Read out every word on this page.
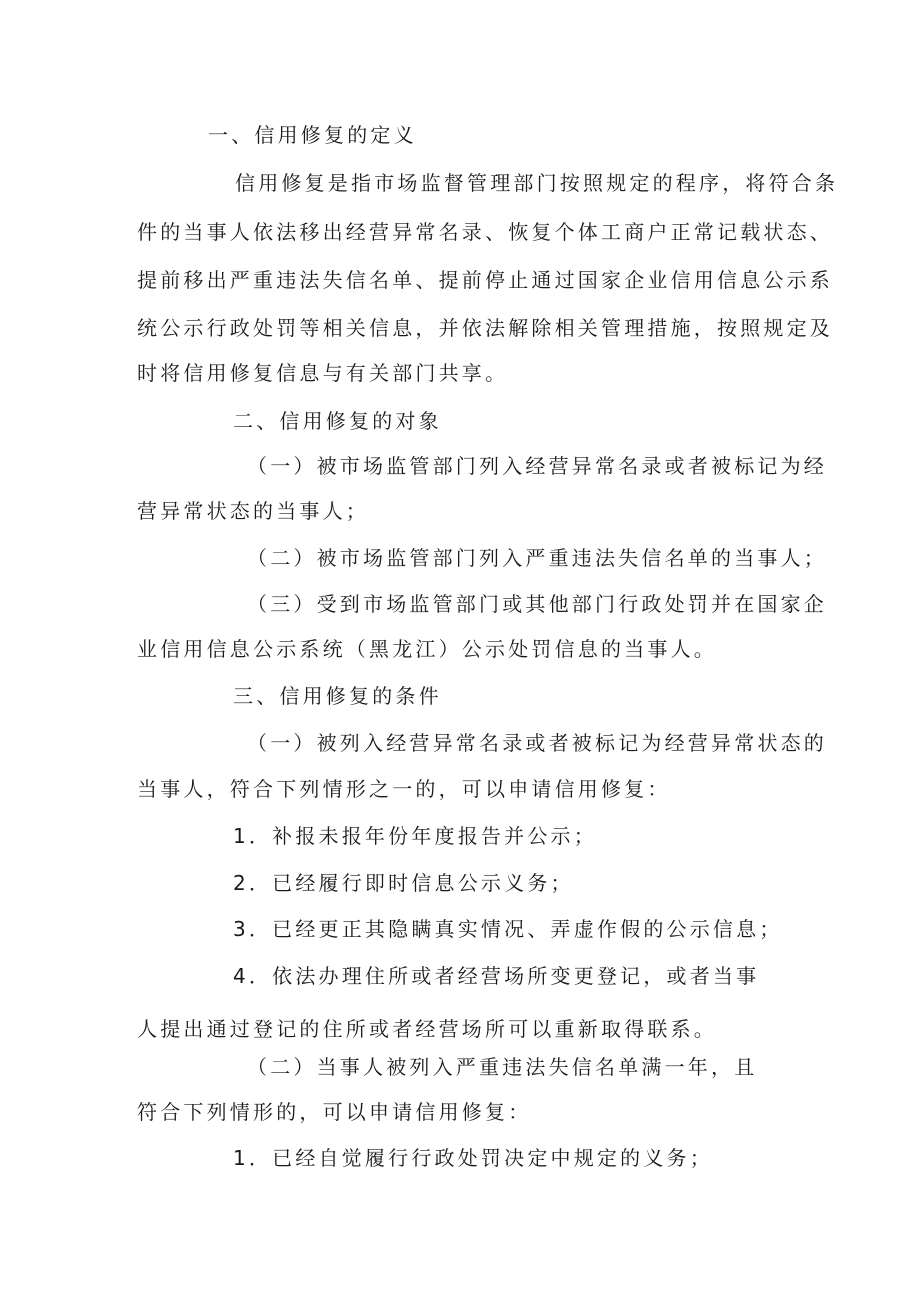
一、信用修复的定义
信用修复是指市场监督管理部门按照规定的程序，将符合条
件的当事人依法移出经营异常名录、恢复个体工商户正常记载状态、
提前移出严重违法失信名单、提前停止通过国家企业信用信息公示系
统公示行政处罚等相关信息，并依法解除相关管理措施，按照规定及
时将信用修复信息与有关部门共享。
二、信用修复的对象
（一）被市场监管部门列入经营异常名录或者被标记为经
营异常状态的当事人；
（二）被市场监管部门列入严重违法失信名单的当事人；
（三）受到市场监管部门或其他部门行政处罚并在国家企
业信用信息公示系统（黑龙江）公示处罚信息的当事人。
三、信用修复的条件
（一）被列入经营异常名录或者被标记为经营异常状态的
当事人，符合下列情形之一的，可以申请信用修复：
1．补报未报年份年度报告并公示；
2．已经履行即时信息公示义务；
3．已经更正其隐瞒真实情况、弄虚作假的公示信息；
4．依法办理住所或者经营场所变更登记，或者当事
人提出通过登记的住所或者经营场所可以重新取得联系。
（二）当事人被列入严重违法失信名单满一年，且
符合下列情形的，可以申请信用修复：
1．已经自觉履行行政处罚决定中规定的义务；
